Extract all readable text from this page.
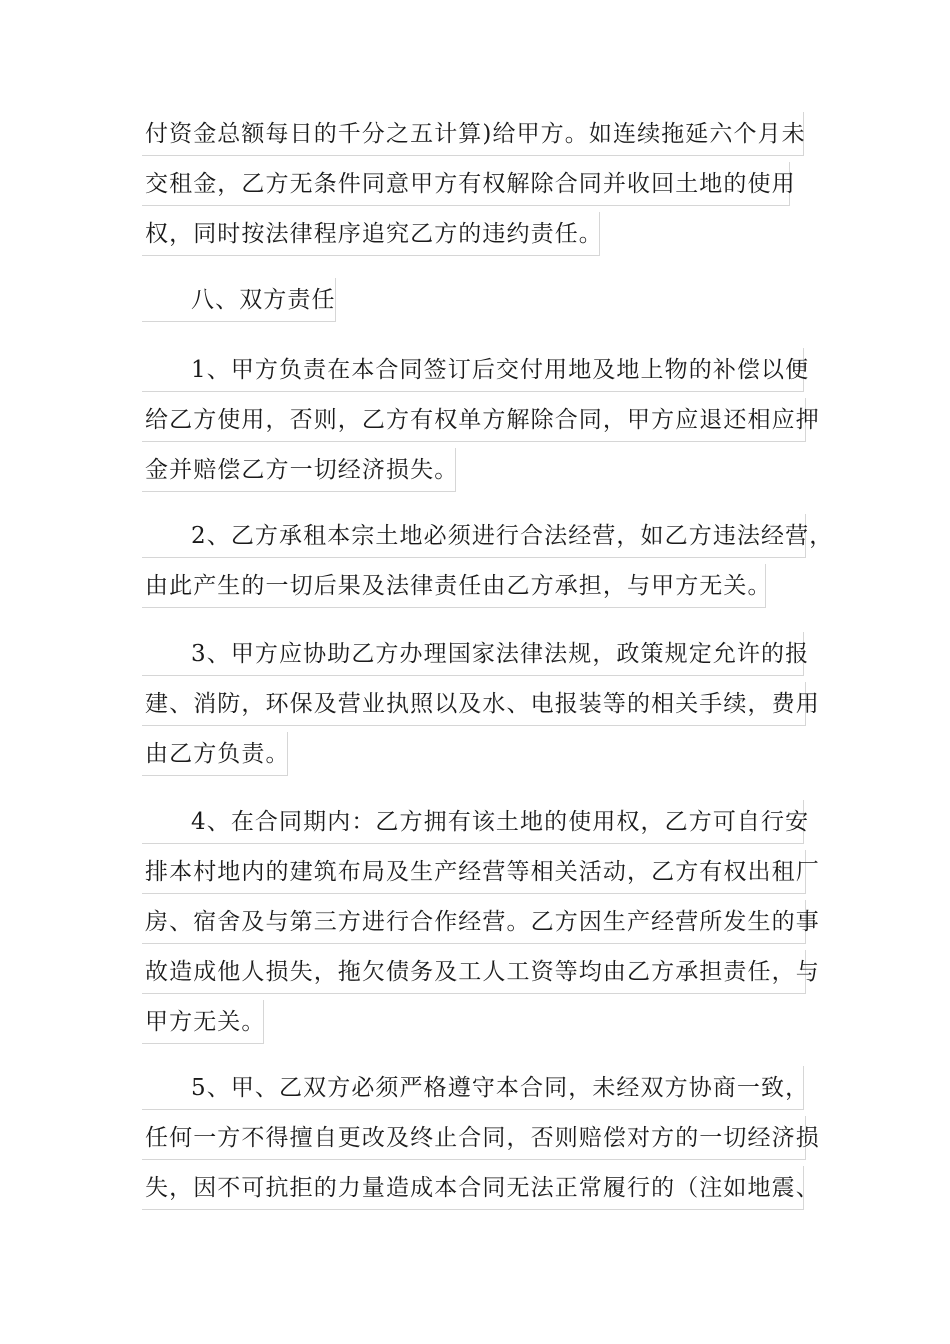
付资金总额每日的千分之五计算)给甲方。如连续拖延六个月未
交租金，乙方无条件同意甲方有权解除合同并收回土地的使用
权，同时按法律程序追究乙方的违约责任。
八、双方责任
1、甲方负责在本合同签订后交付用地及地上物的补偿以便
给乙方使用，否则，乙方有权单方解除合同，甲方应退还相应押
金并赔偿乙方一切经济损失。
2、乙方承租本宗土地必须进行合法经营，如乙方违法经营，
由此产生的一切后果及法律责任由乙方承担，与甲方无关。
3、甲方应协助乙方办理国家法律法规，政策规定允许的报
建、消防，环保及营业执照以及水、电报装等的相关手续，费用
由乙方负责。
4、在合同期内：乙方拥有该土地的使用权，乙方可自行安
排本村地内的建筑布局及生产经营等相关活动，乙方有权出租厂
房、宿舍及与第三方进行合作经营。乙方因生产经营所发生的事
故造成他人损失，拖欠债务及工人工资等均由乙方承担责任，与
甲方无关。
5、甲、乙双方必须严格遵守本合同，未经双方协商一致，
任何一方不得擅自更改及终止合同，否则赔偿对方的一切经济损
失，因不可抗拒的力量造成本合同无法正常履行的（注如地震、
